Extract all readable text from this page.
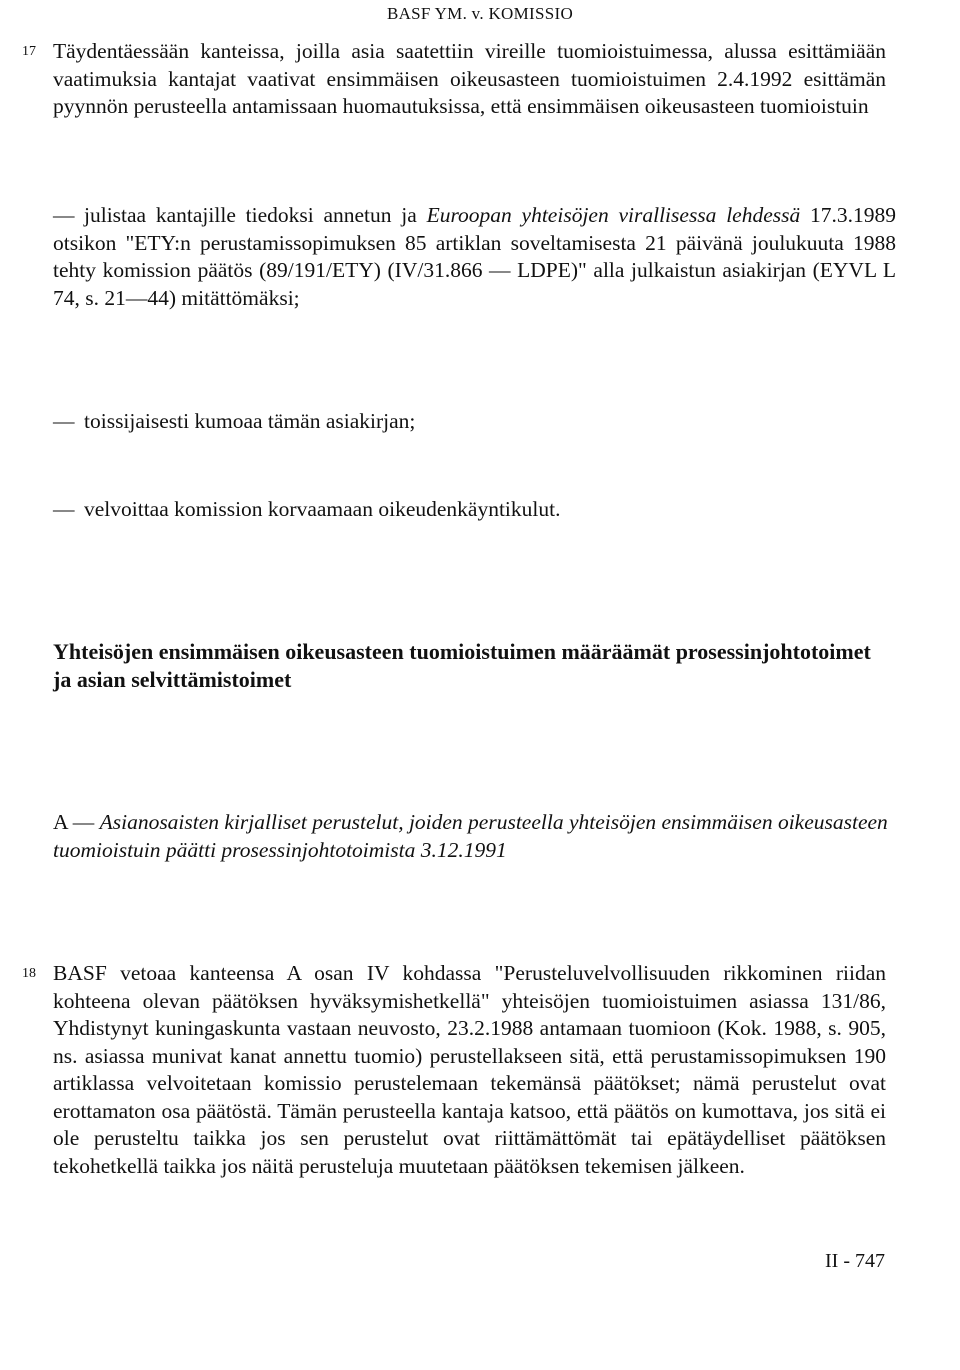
BASF YM. v. KOMISSIO
17 Täydentäessään kanteissa, joilla asia saatettiin vireille tuomioistuimessa, alussa esittämiään vaatimuksia kantajat vaativat ensimmäisen oikeusasteen tuomioistuimen 2.4.1992 esittämän pyynnön perusteella antamissaan huomautuksissa, että ensimmäisen oikeusasteen tuomioistuin

— julistaa kantajille tiedoksi annetun ja Euroopan yhteisöjen virallisessa lehdessä 17.3.1989 otsikon "ETY:n perustamissopimuksen 85 artiklan soveltamisesta 21 päivänä joulukuuta 1988 tehty komission päätös (89/191/ETY) (IV/31.866 — LDPE)" alla julkaistun asiakirjan (EYVL L 74, s. 21—44) mitättömäksi;
— toissijaisesti kumoaa tämän asiakirjan;
— velvoittaa komission korvaamaan oikeudenkäyntikulut.
Yhteisöjen ensimmäisen oikeusasteen tuomioistuimen määräämät prosessinjohtotoimet ja asian selvittämistoimet

A — Asianosaisten kirjalliset perustelut, joiden perusteella yhteisöjen ensimmäisen oikeusasteen tuomioistuin päätti prosessinjohtotoimista 3.12.1991

18 BASF vetoaa kanteensa A osan IV kohdassa "Perusteluvelvollisuuden rikkominen riidan kohteena olevan päätöksen hyväksymishetkellä" yhteisöjen tuomioistuimen asiassa 131/86, Yhdistynyt kuningaskunta vastaan neuvosto, 23.2.1988 antamaan tuomioon (Kok. 1988, s. 905, ns. asiassa munivat kanat annettu tuomio) perustellakseen sitä, että perustamissopimuksen 190 artiklassa velvoitetaan komissio perustelemaan tekemänsä päätökset; nämä perustelut ovat erottamaton osa päätöstä. Tämän perusteella kantaja katsoo, että päätös on kumottava, jos sitä ei ole perusteltu taikka jos sen perustelut ovat riittämättömät tai epätäydelliset päätöksen tekohetkellä taikka jos näitä perusteluja muutetaan päätöksen tekemisen jälkeen.

II - 747
